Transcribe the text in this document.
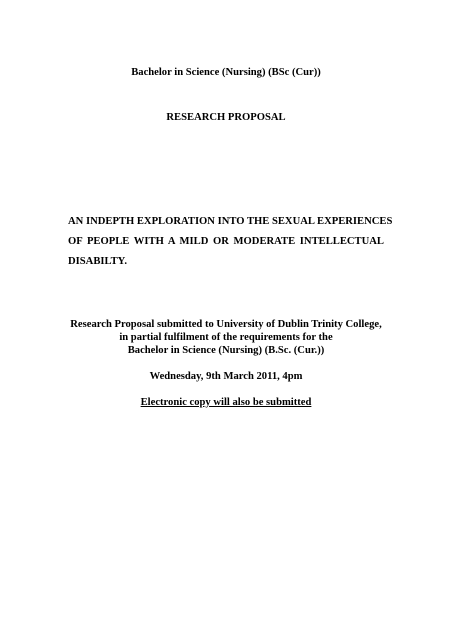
Bachelor in Science (Nursing) (BSc (Cur))
RESEARCH PROPOSAL
AN INDEPTH EXPLORATION INTO THE SEXUAL EXPERIENCES
OF PEOPLE WITH A MILD OR MODERATE INTELLECTUAL
DISABILTY.
Research Proposal submitted to University of Dublin Trinity College,
in partial fulfilment of the requirements for the
Bachelor in Science (Nursing) (B.Sc. (Cur.))
Wednesday, 9th March 2011, 4pm
Electronic copy will also be submitted
